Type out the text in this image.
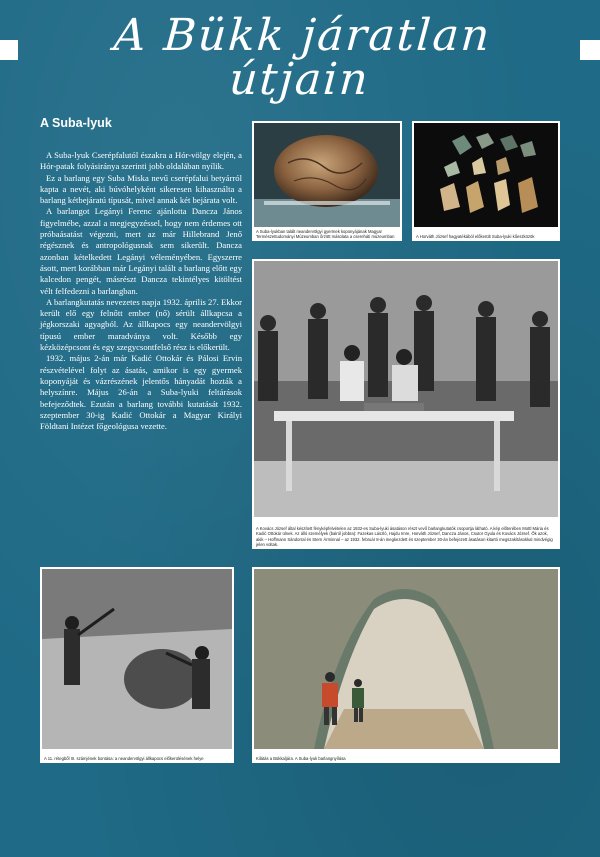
A Bükk járatlan útjain
A Suba-lyuk

A Suba-lyuk Cserépfalutól északra a Hór-völgy elején, a Hór-patak folyásiránya szerinti jobb oldalában nyílik.

Ez a barlang egy Suba Miska nevű cserépfalui betyárról kapta a nevét, aki búvóhelyként sikeresen kihasználta a barlang kétbejáratú típusát, mivel annak két bejárata volt.

A barlangot Legányi Ferenc ajánlotta Dancza János figyelmébe, azzal a megjegyzéssel, hogy nem érdemes ott próbaásatást végezni, mert az már Hillebrand Jenő régésznek és antropológusnak sem sikerült. Dancza azonban kételkedett Legányi véleményében. Egyszerre ásott, mert korábban már Legányi talált a barlang előtt egy kalcedon pengét, másrészt Dancza tekintélyes kitöltést vélt felfedezni a barlangban.

A barlangkutatás nevezetes napja 1932. április 27. Ekkor került elő egy felnőtt ember (nő) sérült állkapcsa a jégkorszaki agyagból. Az állkapocs egy neandervölgyi típusú ember maradványa volt. Később egy kézközépcsont és egy szegycsontfelső rész is előkerült.

1932. május 2-án már Kadić Ottokár és Pálosi Ervin részvételével folyt az ásatás, amikor is egy gyermek koponyáját és vázrészének jelentős hányadát hozták a helyszínre. Május 26-án a Suba-lyuki feltárások befejeződtek. Ezután a barlang további kutatását 1932. szeptember 30-ig Kadić Ottokár a Magyar Királyi Földtani Intézet főgeológusa vezette.

A Suba-lyukban talált neandervölgyi gyermek koponyájának Magyar Természettudományi Múzeumban őrzött másolata a csereháti múzeumban	A Horváth József hagyatékából előkerült Suba-lyuki kőeszközök
A Kovács József által készített fényképfelvételen az 1932-es Suba-lyuki ásatáson részt vevő barlangkutatók csoportja látható. A kép előterében Mottl Mária és Kadić Ottokár ülnek. Az álló személyek (balról jobbra): Fazekas László, Hajdu Imre, Horváth József, Dancza János, Csutor Gyula és Kovács József. Ők azok, akik – Hoffmann Sándorral és Stern Árminnal – az 1932. február 8-án megkezdett és szeptember 30-án befejezett ásatáson kitartó megszakításokkal mindvégig jelen voltak.
A 11. rétegből III. számjének bontása: a neandervölgyi állkapocs előkerülésének helye	Kilátás a Bükkaljára. A Suba-lyuk barlangnyílása
